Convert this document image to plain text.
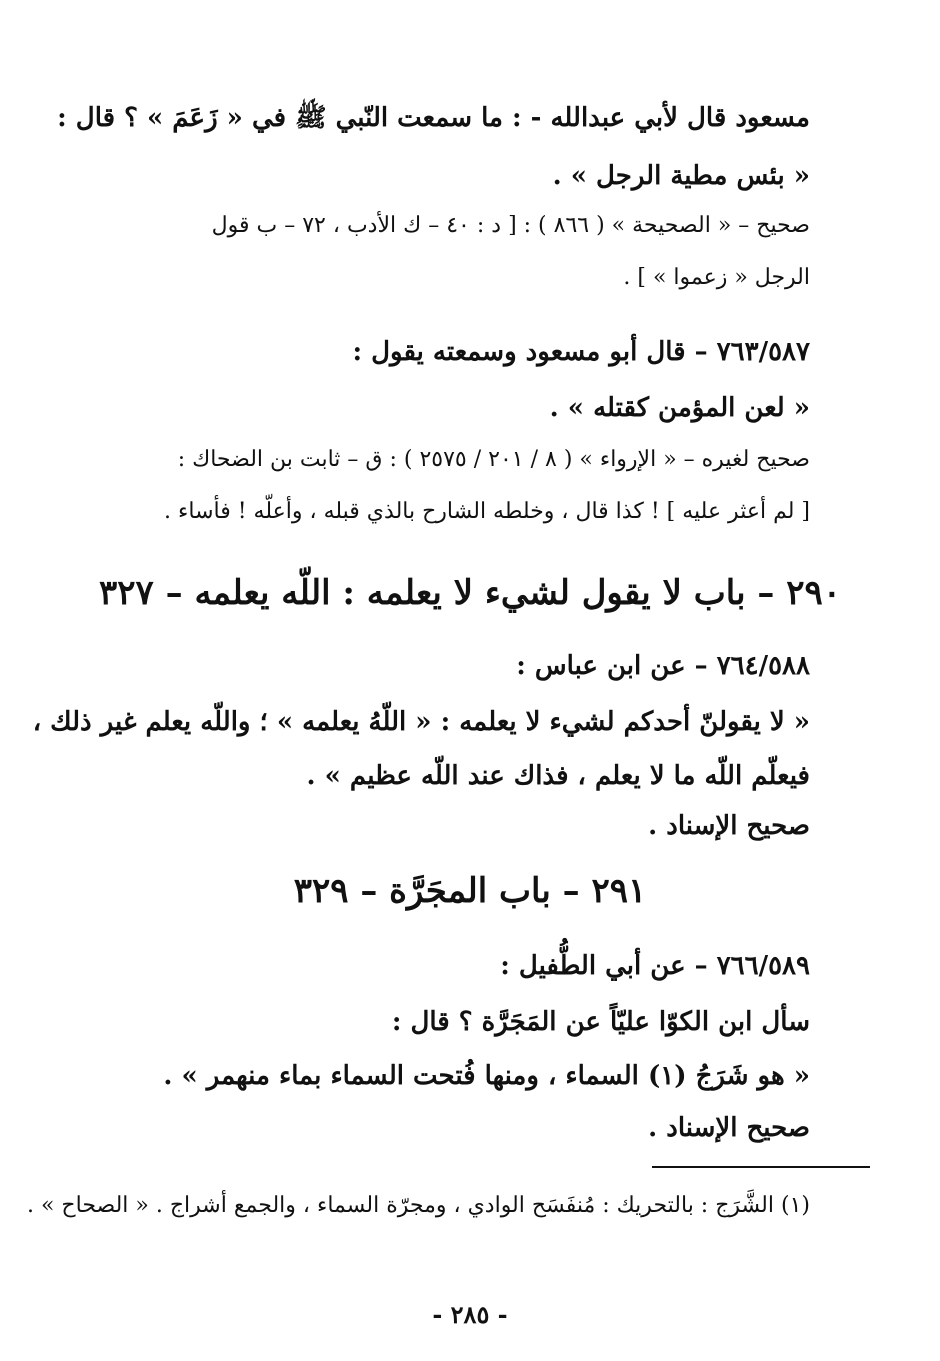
مسعود قال لأبي عبدالله - : ما سمعت النّبي ﷺ في « زَعَمَ » ؟ قال :
« بئس مطية الرجل » .
صحيح – « الصحيحة » ( ٨٦٦ ) : [ د : ٤٠ – ك الأدب ، ٧٢ – ب قول
الرجل « زعموا » ] .
٧٦٣/٥٨٧ – قال أبو مسعود وسمعته يقول :
« لعن المؤمن كقتله » .
صحيح لغيره – « الإرواء » ( ٨ / ٢٠١ / ٢٥٧٥ ) : ق – ثابت بن الضحاك :
[ لم أعثر عليه ] ! كذا قال ، وخلطه الشارح بالذي قبله ، وأعلّه ! فأساء .
٢٩٠ – باب لا يقول لشيء لا يعلمه : اللّه يعلمه – ٣٢٧
٧٦٤/٥٨٨ – عن ابن عباس :
« لا يقولنّ أحدكم لشيء لا يعلمه : « اللّهُ يعلمه » ؛ واللّه يعلم غير ذلك ،
فيعلّم اللّه ما لا يعلم ، فذاك عند اللّه عظيم » .
صحيح الإسناد .
٢٩١ – باب المجَرَّة – ٣٢٩
٧٦٦/٥٨٩ – عن أبي الطُّفيل :
سأل ابن الكوّا عليّاً عن المَجَرَّة ؟ قال :
« هو شَرَجُ (١) السماء ، ومنها فُتحت السماء بماء منهمر » .
صحيح الإسناد .
(١) الشَّرَج : بالتحريك : مُنفَسَح الوادي ، ومجرّة السماء ، والجمع أشراج . « الصحاح » .
- ٢٨٥ -
